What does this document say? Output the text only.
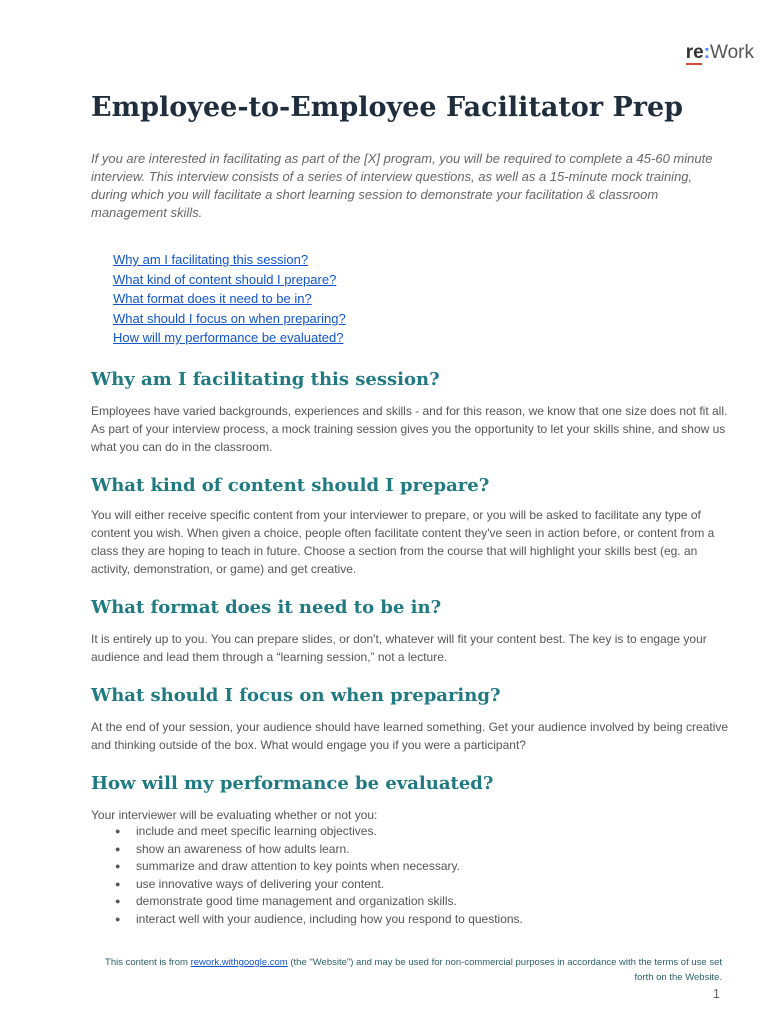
re:Work
Employee-to-Employee Facilitator Prep

If you are interested in facilitating as part of the [X] program, you will be required to complete a 45-60 minute interview. This interview consists of a series of interview questions, as well as a 15-minute mock training, during which you will facilitate a short learning session to demonstrate your facilitation & classroom management skills.

Why am I facilitating this session?
What kind of content should I prepare?
What format does it need to be in?
What should I focus on when preparing?
How will my performance be evaluated?
Why am I facilitating this session?

Employees have varied backgrounds, experiences and skills - and for this reason, we know that one size does not fit all. As part of your interview process, a mock training session gives you the opportunity to let your skills shine, and show us what you can do in the classroom.

What kind of content should I prepare?

You will either receive specific content from your interviewer to prepare, or you will be asked to facilitate any type of content you wish. When given a choice, people often facilitate content they've seen in action before, or content from a class they are hoping to teach in future. Choose a section from the course that will highlight your skills best (eg. an activity, demonstration, or game) and get creative.

What format does it need to be in?

It is entirely up to you. You can prepare slides, or don't, whatever will fit your content best. The key is to engage your audience and lead them through a “learning session,” not a lecture.

What should I focus on when preparing?

At the end of your session, your audience should have learned something. Get your audience involved by being creative and thinking outside of the box. What would engage you if you were a participant?

How will my performance be evaluated?

Your interviewer will be evaluating whether or not you:

● include and meet specific learning objectives.
● show an awareness of how adults learn.
● summarize and draw attention to key points when necessary.
● use innovative ways of delivering your content.
● demonstrate good time management and organization skills.
● interact well with your audience, including how you respond to questions.
This content is from rework.withgoogle.com (the "Website") and may be used for non-commercial purposes in accordance with the terms of use set forth on the Website.
1
